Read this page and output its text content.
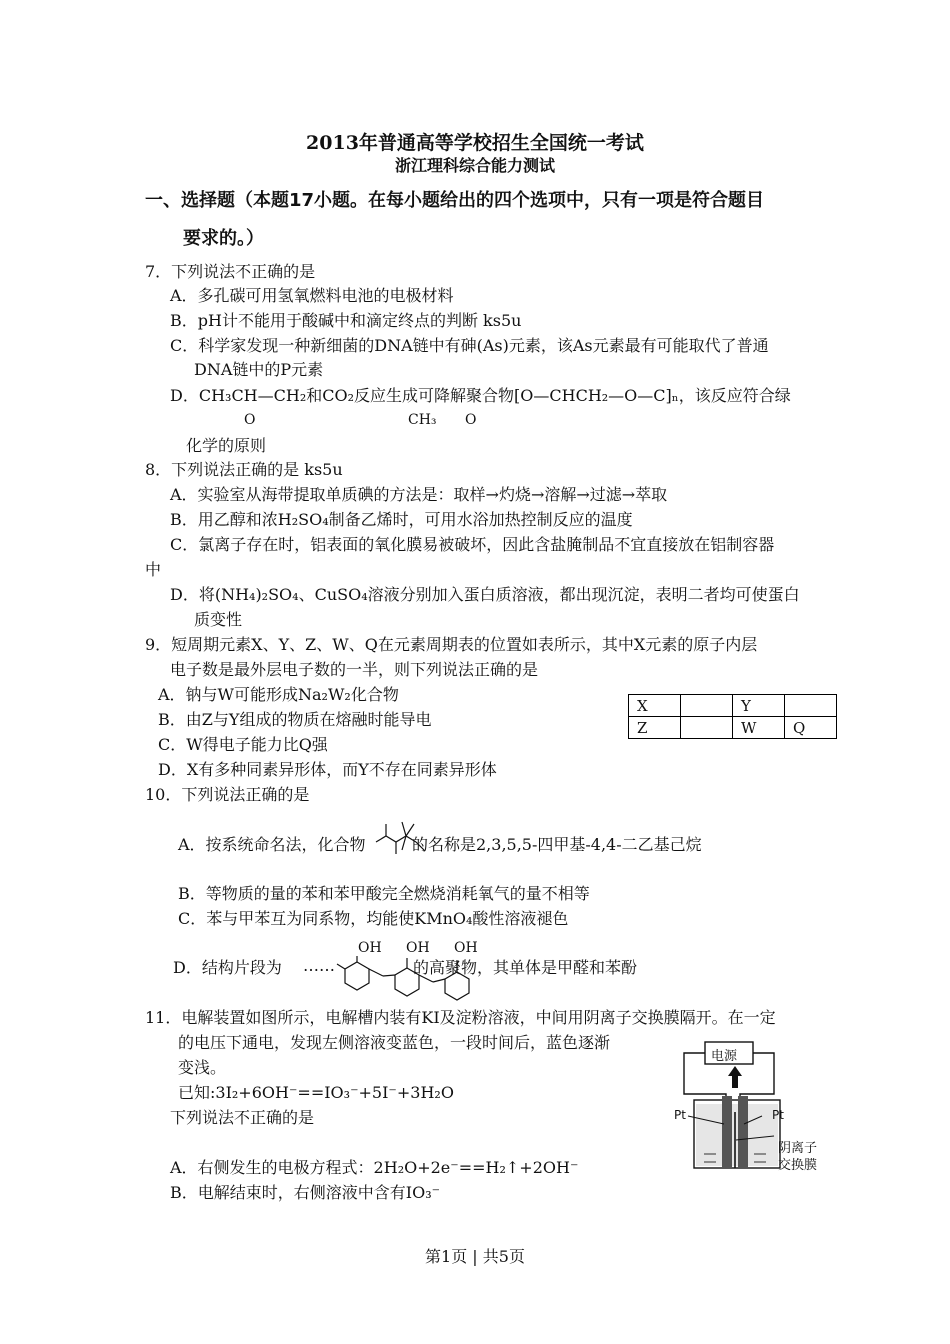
2013年普通高等学校招生全国统一考试
浙江理科综合能力测试
一、选择题（本题17小题。在每小题给出的四个选项中，只有一项是符合题目
要求的。）
7．下列说法不正确的是
A．多孔碳可用氢氧燃料电池的电极材料
B．pH计不能用于酸碱中和滴定终点的判断 ks5u
C．科学家发现一种新细菌的DNA链中有砷(As)元素，该As元素最有可能取代了普通
DNA链中的P元素
D．CH₃CH—CH₂和CO₂反应生成可降解聚合物[O—CHCH₂—O—C]ₙ，该反应符合绿
O	CH₃ O
化学的原则
8．下列说法正确的是 ks5u
A．实验室从海带提取单质碘的方法是：取样→灼烧→溶解→过滤→萃取
B．用乙醇和浓H₂SO₄制备乙烯时，可用水浴加热控制反应的温度
C．氯离子存在时，铝表面的氧化膜易被破坏，因此含盐腌制品不宜直接放在铝制容器
中
D．将(NH₄)₂SO₄、CuSO₄溶液分别加入蛋白质溶液，都出现沉淀，表明二者均可使蛋白
质变性
9．短周期元素X、Y、Z、W、Q在元素周期表的位置如表所示，其中X元素的原子内层
电子数是最外层电子数的一半，则下列说法正确的是
A．钠与W可能形成Na₂W₂化合物
B．由Z与Y组成的物质在熔融时能导电
C．W得电子能力比Q强
D．X有多种同素异形体，而Y不存在同素异形体
X		Y	
Z		W	Q
10．下列说法正确的是
A．按系统命名法，化合物	的名称是2,3,5,5-四甲基-4,4-二乙基己烷
B．等物质的量的苯和苯甲酸完全燃烧消耗氧气的量不相等
C．苯与甲苯互为同系物，均能使KMnO₄酸性溶液褪色
D．结构片段为 ……
OH OH OH
的高聚物，其单体是甲醛和苯酚
11．电解装置如图所示，电解槽内装有KI及淀粉溶液，中间用阴离子交换膜隔开。在一定
的电压下通电，发现左侧溶液变蓝色，一段时间后，蓝色逐渐
变浅。
已知:3I₂+6OH⁻==IO₃⁻+5I⁻+3H₂O
下列说法不正确的是
A．右侧发生的电极方程式：2H₂O+2e⁻==H₂↑+2OH⁻
B．电解结束时，右侧溶液中含有IO₃⁻
电源
Pt	Pt
阴离子
交换膜
第1页 | 共5页
